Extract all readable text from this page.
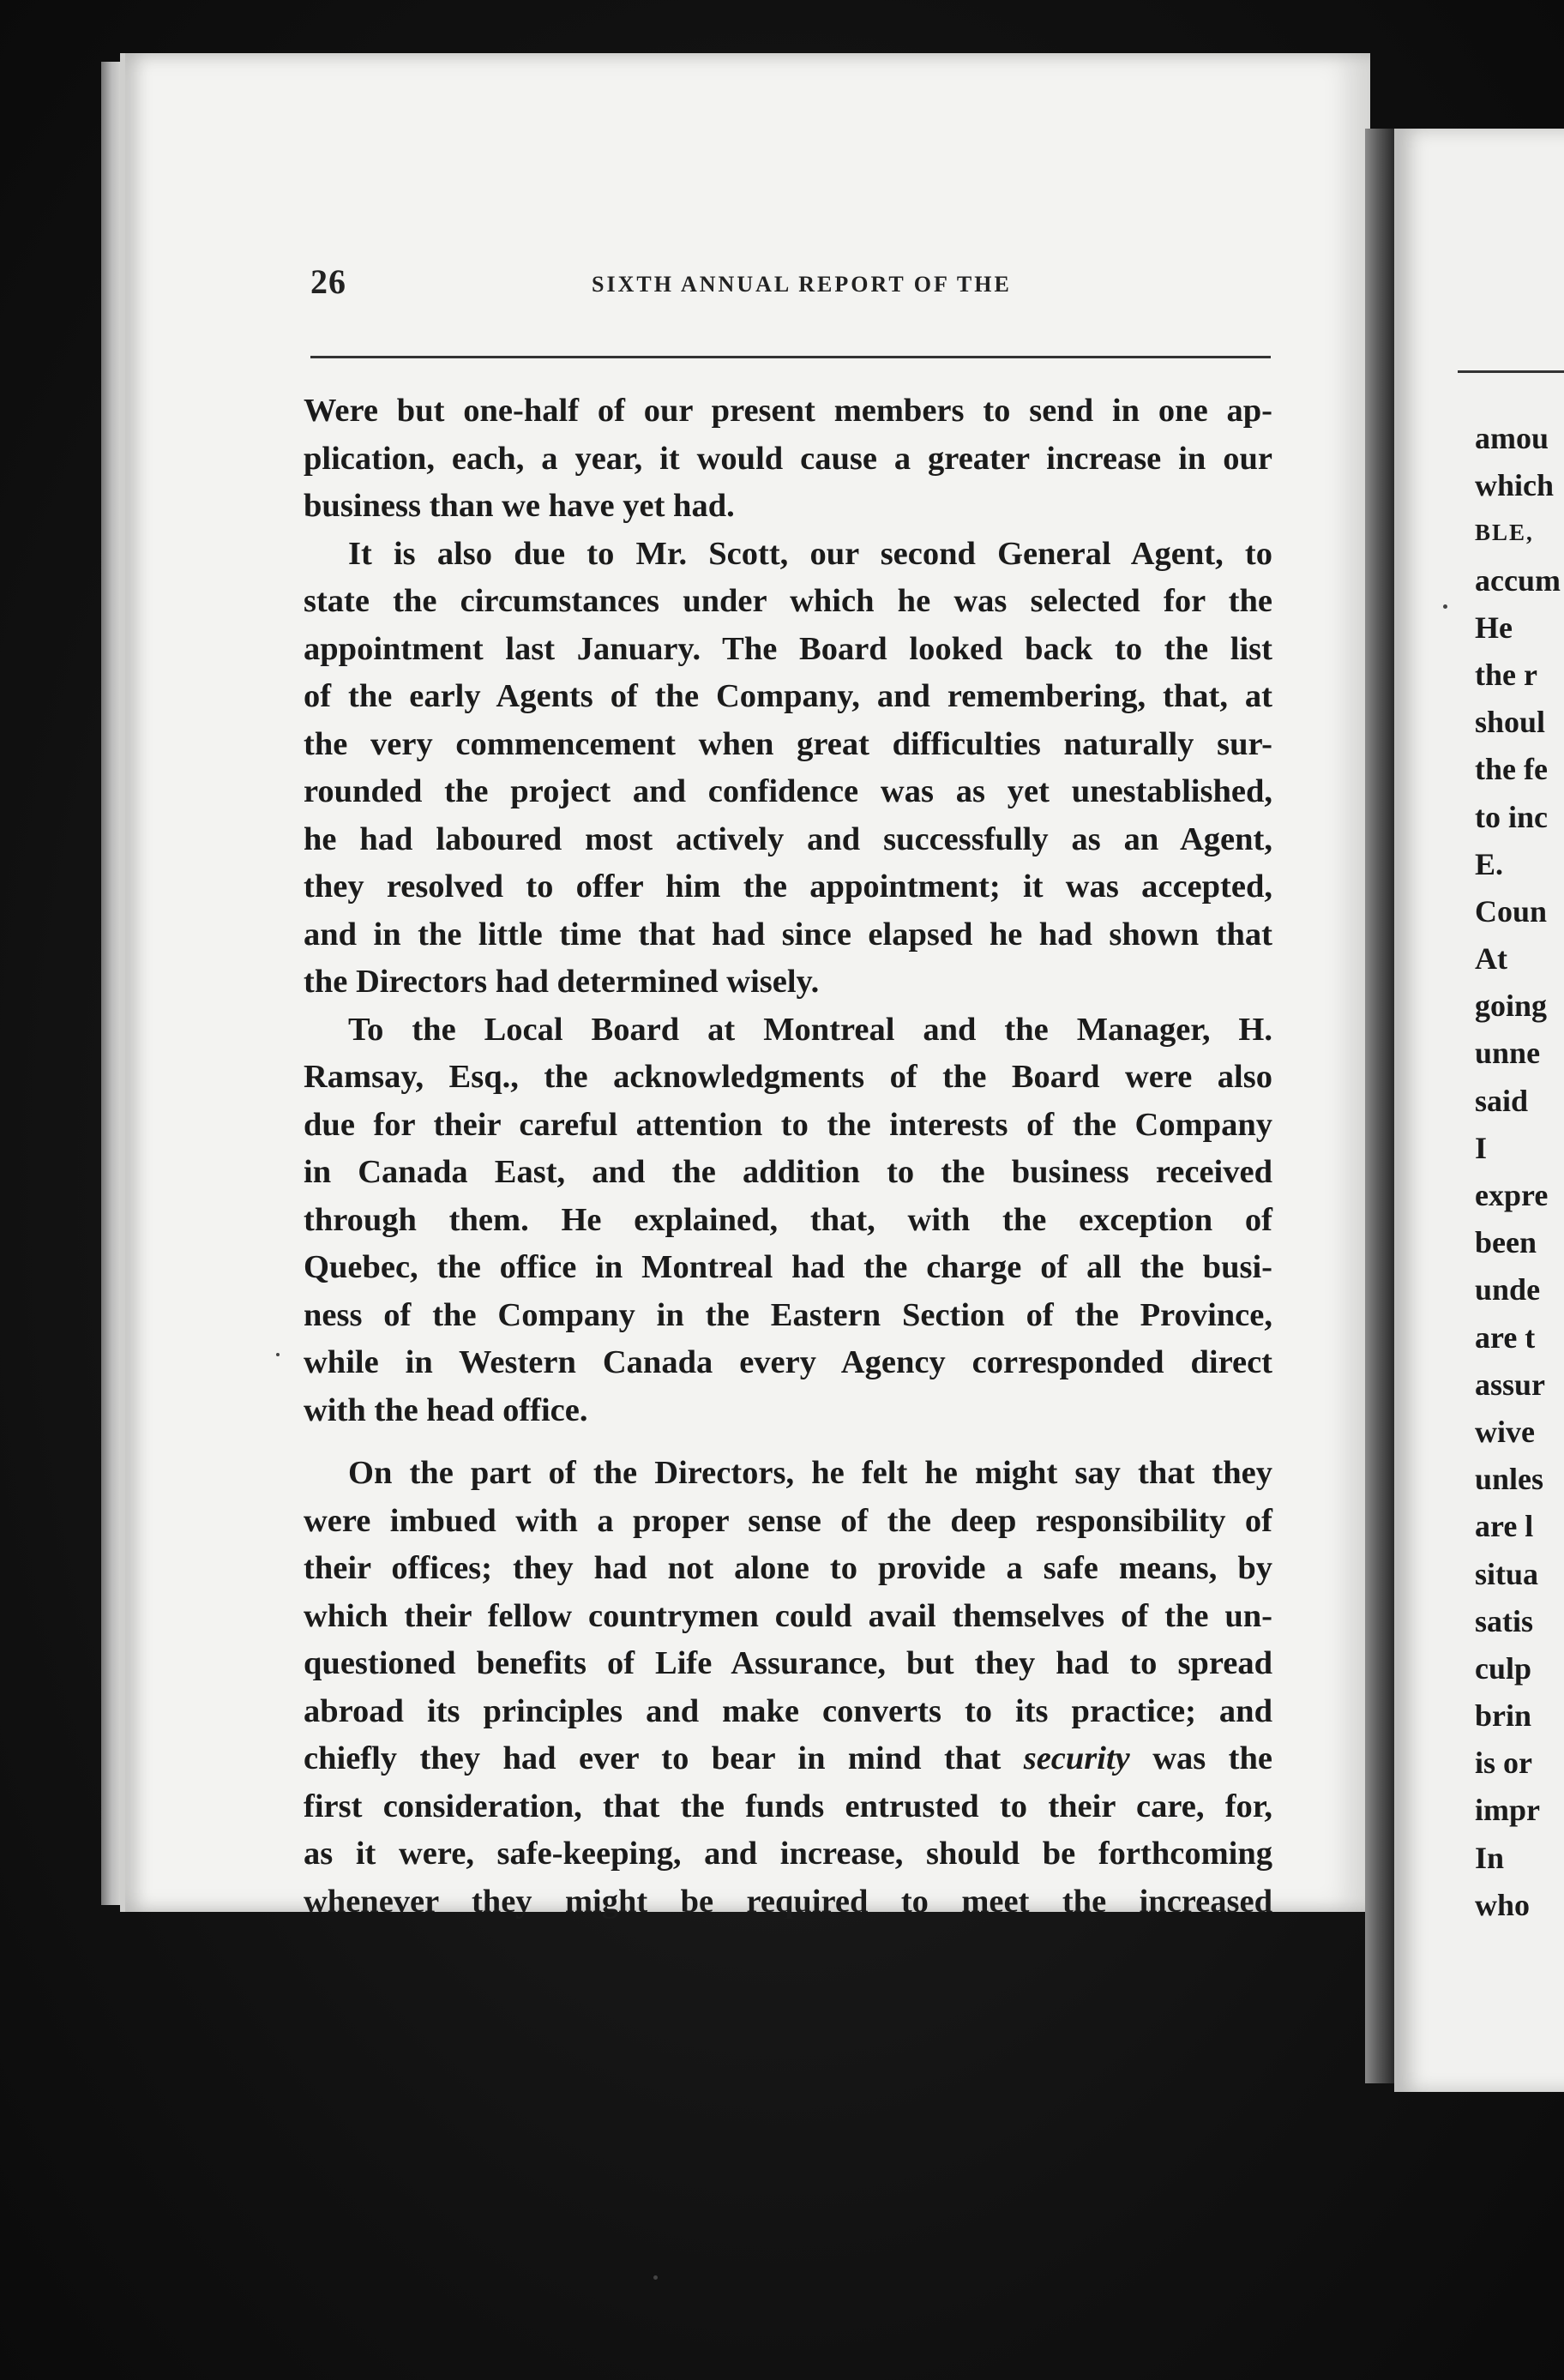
26	SIXTH ANNUAL REPORT OF THE

Were but one-half of our present members to send in one ap-
plication, each, a year, it would cause a greater increase in our
business than we have yet had.

It is also due to Mr. Scott, our second General Agent, to
state the circumstances under which he was selected for the
appointment last January. The Board looked back to the list
of the early Agents of the Company, and remembering, that, at
the very commencement when great difficulties naturally sur-
rounded the project and confidence was as yet unestablished,
he had laboured most actively and successfully as an Agent,
they resolved to offer him the appointment; it was accepted,
and in the little time that had since elapsed he had shown that
the Directors had determined wisely.

To the Local Board at Montreal and the Manager, H.
Ramsay, Esq., the acknowledgments of the Board were also
due for their careful attention to the interests of the Company
in Canada East, and the addition to the business received
through them. He explained, that, with the exception of
Quebec, the office in Montreal had the charge of all the busi-
ness of the Company in the Eastern Section of the Province,
while in Western Canada every Agency corresponded direct
with the head office.

On the part of the Directors, he felt he might say that they
were imbued with a proper sense of the deep responsibility of
their offices; they had not alone to provide a safe means, by
which their fellow countrymen could avail themselves of the un-
questioned benefits of Life Assurance, but they had to spread
abroad its principles and make converts to its practice; and
chiefly they had ever to bear in mind that security was the
first consideration, that the funds entrusted to their care, for,
as it were, safe-keeping, and increase, should be forthcoming
whenever they might be required to meet the increased

amou
which
BLE,
accum
He
the r
shoul
the fe
to inc
E.
Coun
At
going
unne
said
I
expre
been
unde
are t
assur
wive
unles
are l
situa
satis
culp
brin
is or
impr
In
who
